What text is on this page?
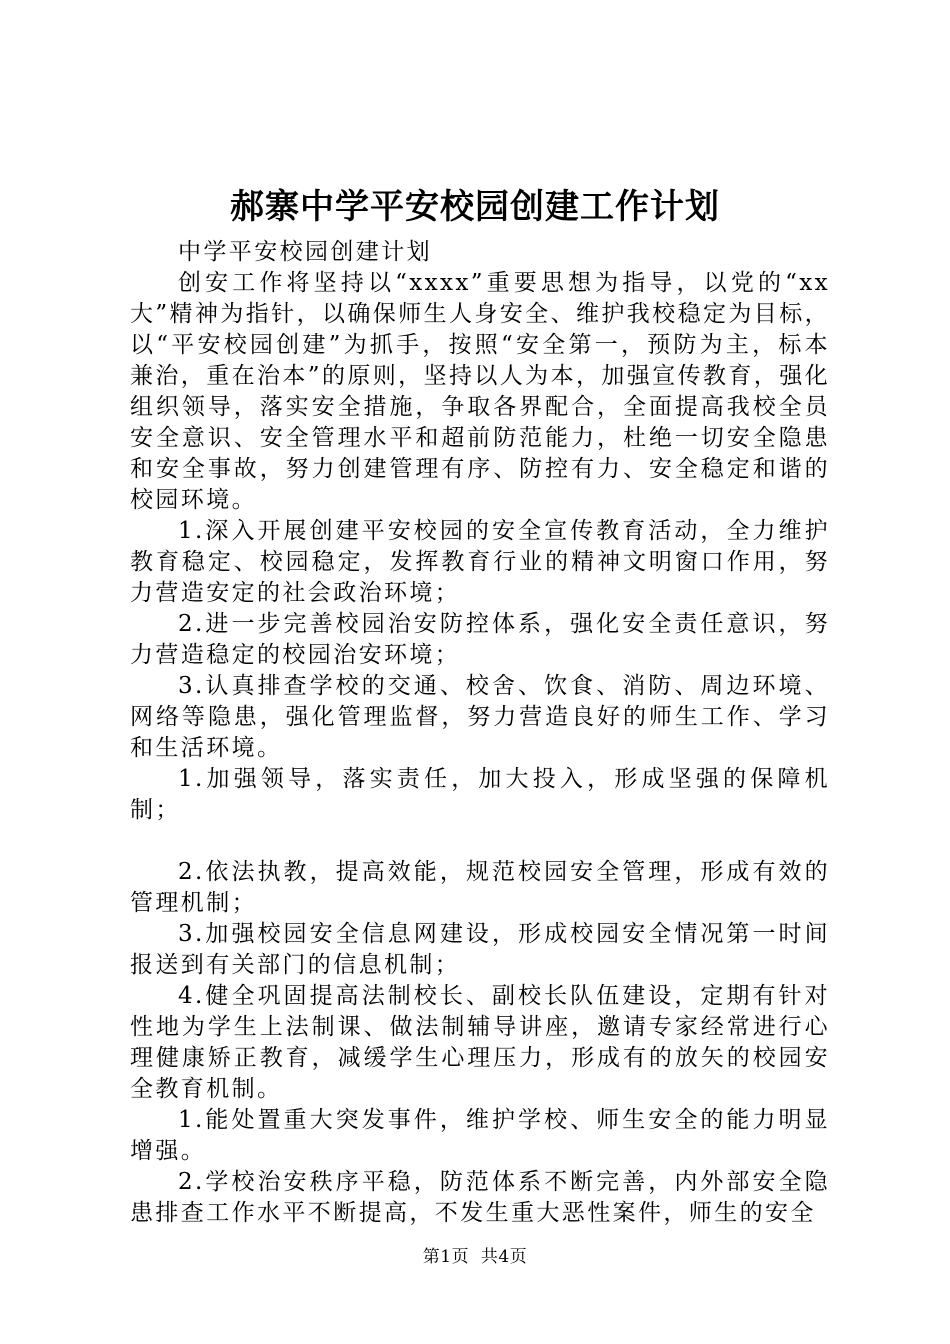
郝寨中学平安校园创建工作计划

中学平安校园创建计划

创安工作将坚持以“xxxx”重要思想为指导，以党的“xx大”精神为指针，以确保师生人身安全、维护我校稳定为目标，以“平安校园创建”为抓手，按照“安全第一，预防为主，标本兼治，重在治本”的原则，坚持以人为本，加强宣传教育，强化组织领导，落实安全措施，争取各界配合，全面提高我校全员安全意识、安全管理水平和超前防范能力，杜绝一切安全隐患和安全事故，努力创建管理有序、防控有力、安全稳定和谐的校园环境。

1.深入开展创建平安校园的安全宣传教育活动，全力维护教育稳定、校园稳定，发挥教育行业的精神文明窗口作用，努力营造安定的社会政治环境；

2.进一步完善校园治安防控体系，强化安全责任意识，努力营造稳定的校园治安环境；

3.认真排查学校的交通、校舍、饮食、消防、周边环境、网络等隐患，强化管理监督，努力营造良好的师生工作、学习和生活环境。

1.加强领导，落实责任，加大投入，形成坚强的保障机制；

2.依法执教，提高效能，规范校园安全管理，形成有效的管理机制；

3.加强校园安全信息网建设，形成校园安全情况第一时间报送到有关部门的信息机制；

4.健全巩固提高法制校长、副校长队伍建设，定期有针对性地为学生上法制课、做法制辅导讲座，邀请专家经常进行心理健康矫正教育，减缓学生心理压力，形成有的放矢的校园安全教育机制。

1.能处置重大突发事件，维护学校、师生安全的能力明显增强。

2.学校治安秩序平稳，防范体系不断完善，内外部安全隐患排查工作水平不断提高，不发生重大恶性案件，师生的安全

第1页 共4页
